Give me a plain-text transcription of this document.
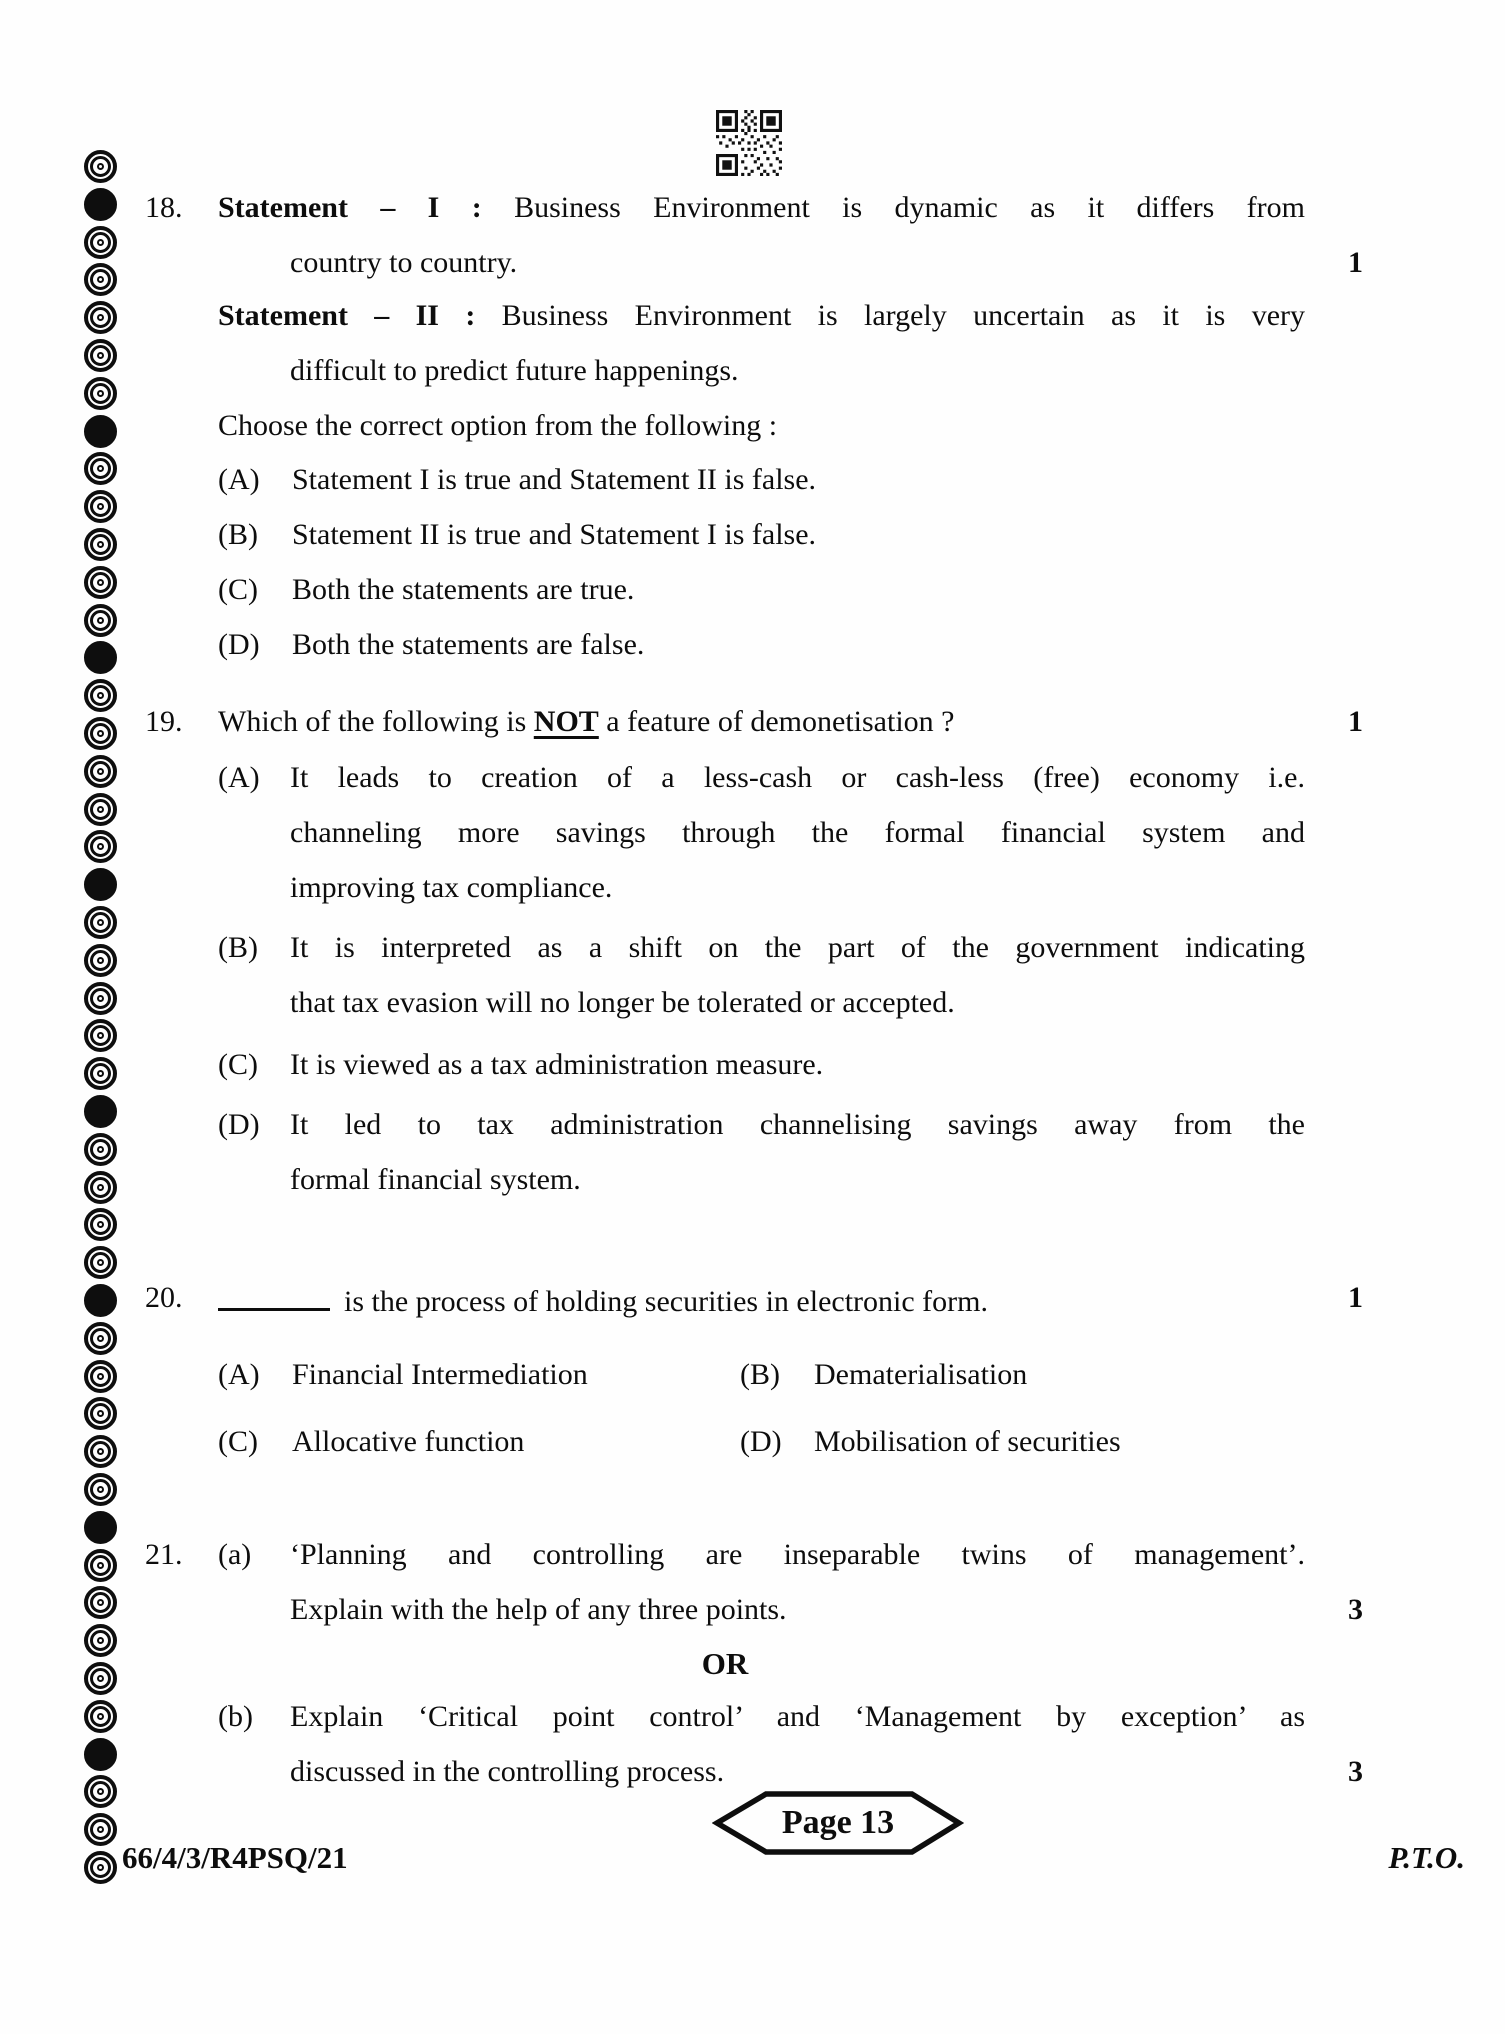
18. Statement – I : Business Environment is dynamic as it differs from
country to country.	1
Statement – II : Business Environment is largely uncertain as it is very
difficult to predict future happenings.
Choose the correct option from the following :
(A) Statement I is true and Statement II is false.
(B) Statement II is true and Statement I is false.
(C) Both the statements are true.
(D) Both the statements are false.
19. Which of the following is NOT a feature of demonetisation ?	1
(A) It leads to creation of a less-cash or cash-less (free) economy i.e.
channeling more savings through the formal financial system and
improving tax compliance.
(B) It is interpreted as a shift on the part of the government indicating
that tax evasion will no longer be tolerated or accepted.
(C) It is viewed as a tax administration measure.
(D) It led to tax administration channelising savings away from the
formal financial system.
20.	is the process of holding securities in electronic form.	1
(A) Financial Intermediation	(B) Dematerialisation
(C) Allocative function	(D) Mobilisation of securities
21. (a) ‘Planning and controlling are inseparable twins of management’.
Explain with the help of any three points.	3
OR
(b) Explain ‘Critical point control’ and ‘Management by exception’ as
discussed in the controlling process.	3
66/4/3/R4PSQ/21
Page 13
P.T.O.
